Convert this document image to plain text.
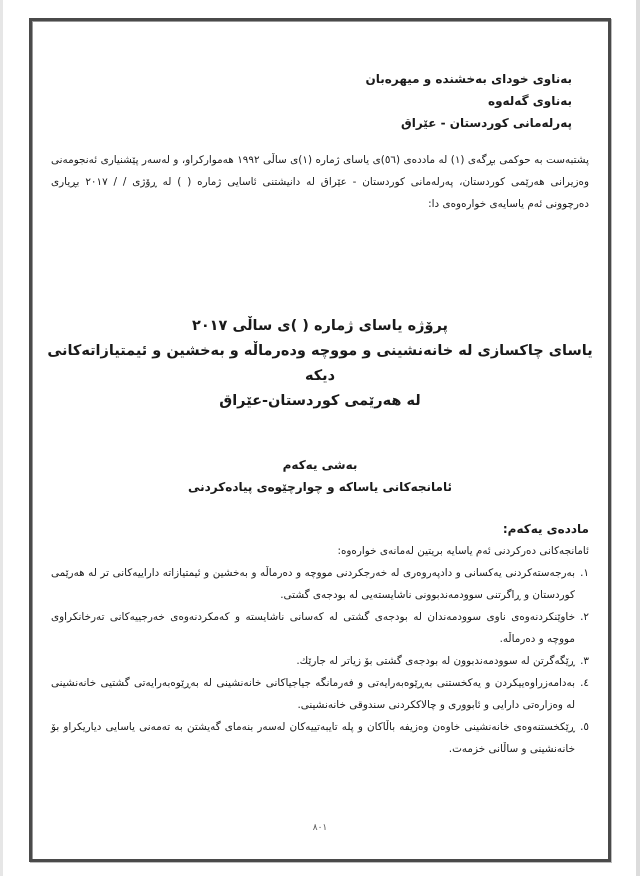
بەناوی خودای بەخشندە و میهرەبان
بەناوی گەلەوە
پەرلەمانی کوردستان - عێراق
پشتبەست بە حوکمی بڕگەی (١) لە ماددەی (٥٦)ی یاسای ژمارە (١)ی ساڵی ١٩٩٢ هەموارکراو، و لەسەر پێشنیاری ئەنجومەنی وەزیرانی هەرێمی کوردستان، پەرلەمانی کوردستان - عێراق لە دانیشتنی ئاسایی ژمارە ( ) لە ڕۆژی / / ٢٠١٧ بڕیاری دەرچوونی ئەم یاسایەی خوارەوەی دا:
پرۆژە یاسای ژمارە ( )ی ساڵی ٢٠١٧
یاسای چاکسازی لە خانەنشینی و مووچە ودەرماڵە و بەخشین و ئیمتیازاتەکانی دیکە
لە هەرێمی کوردستان-عێراق
بەشی یەکەم
ئامانجەکانی یاساکە و چوارچێوەی پیادەکردنی
ماددەی یەکەم:
ئامانجەکانی دەرکردنی ئەم یاسایە بریتین لەمانەی خوارەوە:

١.بەرجەستەکردنی یەکسانی و دادپەروەری لە خەرجکردنی مووچە و دەرماڵە و بەخشین و ئیمتیازاتە داراییەکانی تر لە هەرێمی کوردستان و ڕاگرتنی سوودمەندبوونی ناشایستەیی لە بودجەی گشتی.

٢.خاوێنکردنەوەی ناوی سوودمەندان لە بودجەی گشتی لە کەسانی ناشایستە و کەمکردنەوەی خەرجییەکانی تەرخانکراوی مووچە و دەرماڵە.

٣.ڕێگەگرتن لە سوودمەندبوون لە بودجەی گشتی بۆ زیاتر لە جارێك.

٤.بەدامەزراوەییکردن و یەکخستنی بەڕێوەبەرایەتی و فەرمانگە جیاجیاکانی خانەنشینی لە بەڕێوەبەرایەتی گشتیی خانەنشینی لە وەزارەتی دارایی و ئابووری و چالاککردنی سندوقی خانەنشینی.

٥.ڕێکخستنەوەی خانەنشینی خاوەن وەزیفە باڵاکان و پلە تایبەتییەکان لەسەر بنەمای گەیشتن بە تەمەنی یاسایی دیاریکراو بۆ خانەنشینی و ساڵانی خزمەت.

٨٠١
